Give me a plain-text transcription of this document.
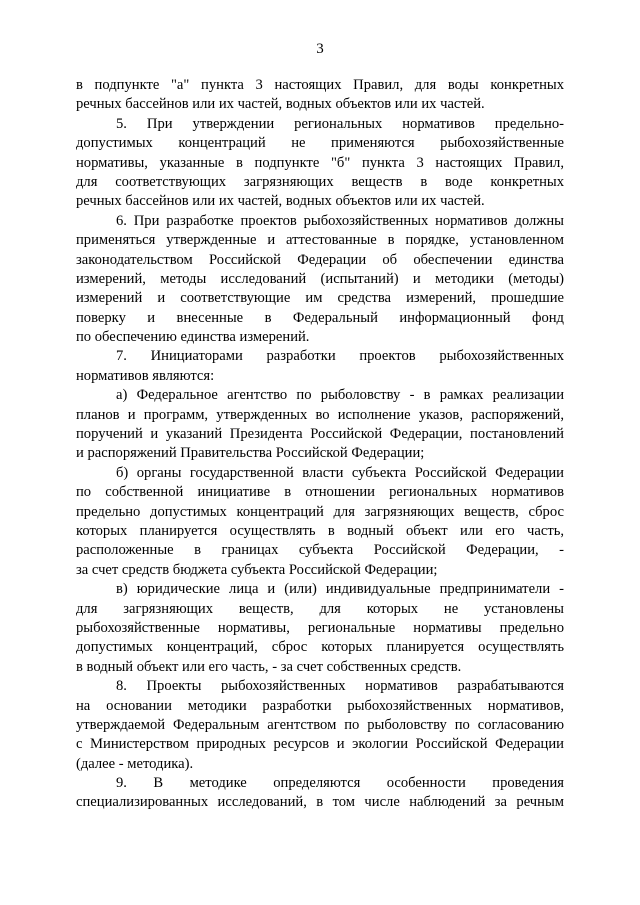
3
в подпункте "а" пункта 3 настоящих Правил, для воды конкретных
речных бассейнов или их частей, водных объектов или их частей.
5. При утверждении региональных нормативов предельно-
допустимых концентраций не применяются рыбохозяйственные
нормативы, указанные в подпункте "б" пункта 3 настоящих Правил,
для соответствующих загрязняющих веществ в воде конкретных
речных бассейнов или их частей, водных объектов или их частей.
6. При разработке проектов рыбохозяйственных нормативов должны
применяться утвержденные и аттестованные в порядке, установленном
законодательством Российской Федерации об обеспечении единства
измерений, методы исследований (испытаний) и методики (методы)
измерений и соответствующие им средства измерений, прошедшие
поверку и внесенные в Федеральный информационный фонд
по обеспечению единства измерений.
7. Инициаторами разработки проектов рыбохозяйственных
нормативов являются:
а) Федеральное агентство по рыболовству - в рамках реализации
планов и программ, утвержденных во исполнение указов, распоряжений,
поручений и указаний Президента Российской Федерации, постановлений
и распоряжений Правительства Российской Федерации;
б) органы государственной власти субъекта Российской Федерации
по собственной инициативе в отношении региональных нормативов
предельно допустимых концентраций для загрязняющих веществ, сброс
которых планируется осуществлять в водный объект или его часть,
расположенные в границах субъекта Российской Федерации, -
за счет средств бюджета субъекта Российской Федерации;
в) юридические лица и (или) индивидуальные предприниматели -
для загрязняющих веществ, для которых не установлены
рыбохозяйственные нормативы, региональные нормативы предельно
допустимых концентраций, сброс которых планируется осуществлять
в водный объект или его часть, - за счет собственных средств.
8. Проекты рыбохозяйственных нормативов разрабатываются
на основании методики разработки рыбохозяйственных нормативов,
утверждаемой Федеральным агентством по рыболовству по согласованию
с Министерством природных ресурсов и экологии Российской Федерации
(далее - методика).
9. В методике определяются особенности проведения
специализированных исследований, в том числе наблюдений за речным
